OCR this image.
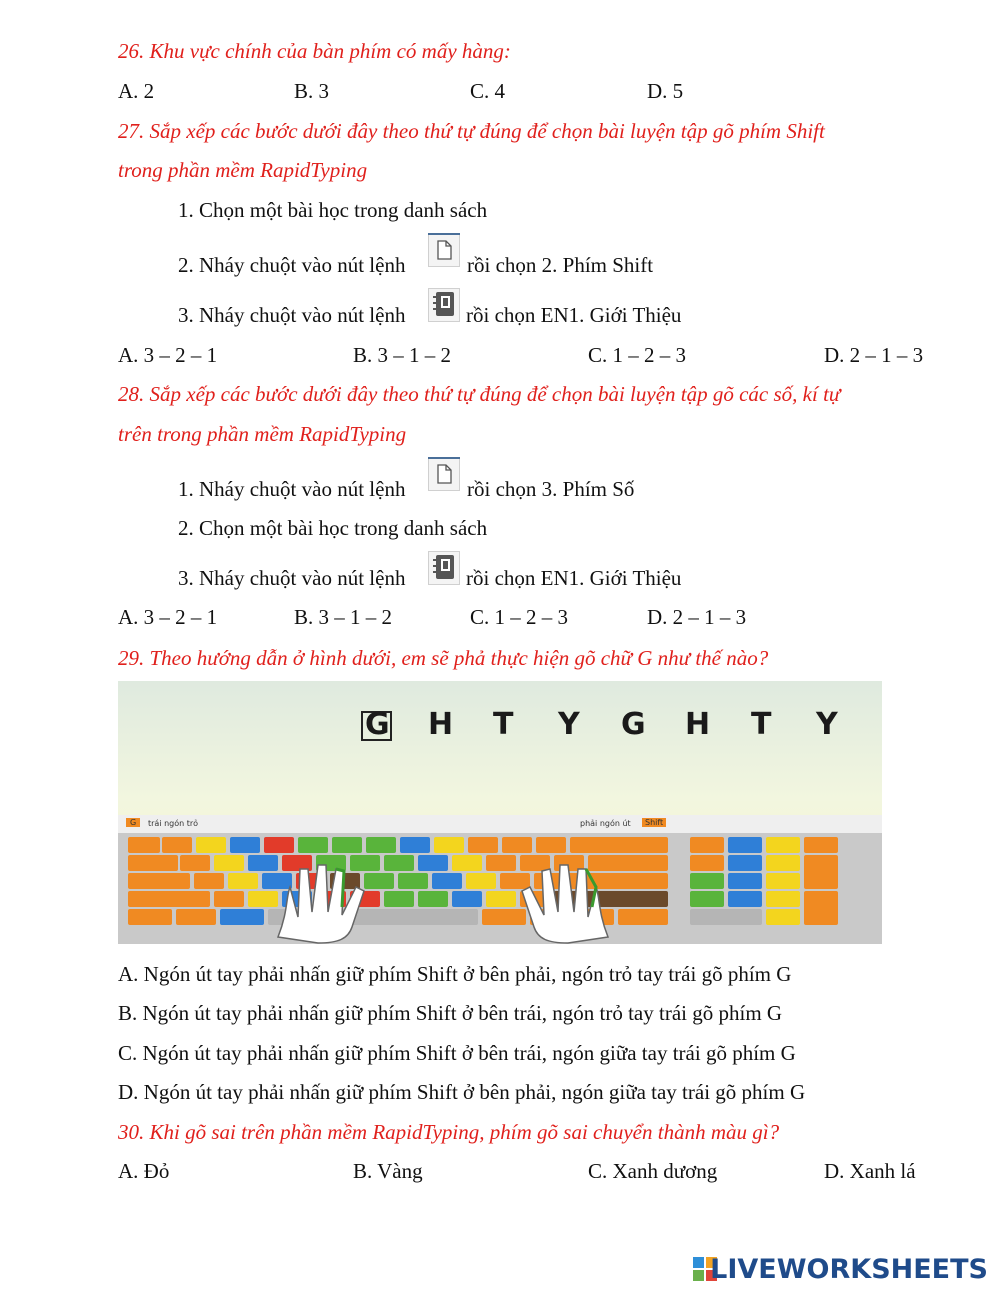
26. Khu vực chính của bàn phím có mấy hàng:
A. 2	B. 3	C. 4	D. 5
27. Sắp xếp các bước dưới đây theo thứ tự đúng để chọn bài luyện tập gõ phím Shift
trong phần mềm RapidTyping
1. Chọn một bài học trong danh sách
2. Nháy chuột vào nút lệnh	rồi chọn 2. Phím Shift
3. Nháy chuột vào nút lệnh	rồi chọn EN1. Giới Thiệu
A. 3 – 2 – 1	B. 3 – 1 – 2	C. 1 – 2 – 3	D. 2 – 1 – 3
28. Sắp xếp các bước dưới đây theo thứ tự đúng để chọn bài luyện tập gõ các số, kí tự
trên trong phần mềm RapidTyping
1. Nháy chuột vào nút lệnh	rồi chọn 3. Phím Số
2. Chọn một bài học trong danh sách
3. Nháy chuột vào nút lệnh	rồi chọn EN1. Giới Thiệu
A. 3 – 2 – 1	B. 3 – 1 – 2	C. 1 – 2 – 3	D. 2 – 1 – 3
29. Theo hướng dẫn ở hình dưới, em sẽ phả thực hiện gõ chữ G như thế nào?
G H T Y G H T Y
G	trái ngón trỏ	phải ngón út	Shift
A. Ngón út tay phải nhấn giữ phím Shift ở bên phải, ngón trỏ tay trái gõ phím G
B. Ngón út tay phải nhấn giữ phím Shift ở bên trái, ngón trỏ tay trái gõ phím G
C. Ngón út tay phải nhấn giữ phím Shift ở bên trái, ngón giữa tay trái gõ phím G
D. Ngón út tay phải nhấn giữ phím Shift ở bên phải, ngón giữa tay trái gõ phím G
30. Khi gõ sai trên phần mềm RapidTyping, phím gõ sai chuyển thành màu gì?
A. Đỏ	B. Vàng	C. Xanh dương	D. Xanh lá
LIVEWORKSHEETS
